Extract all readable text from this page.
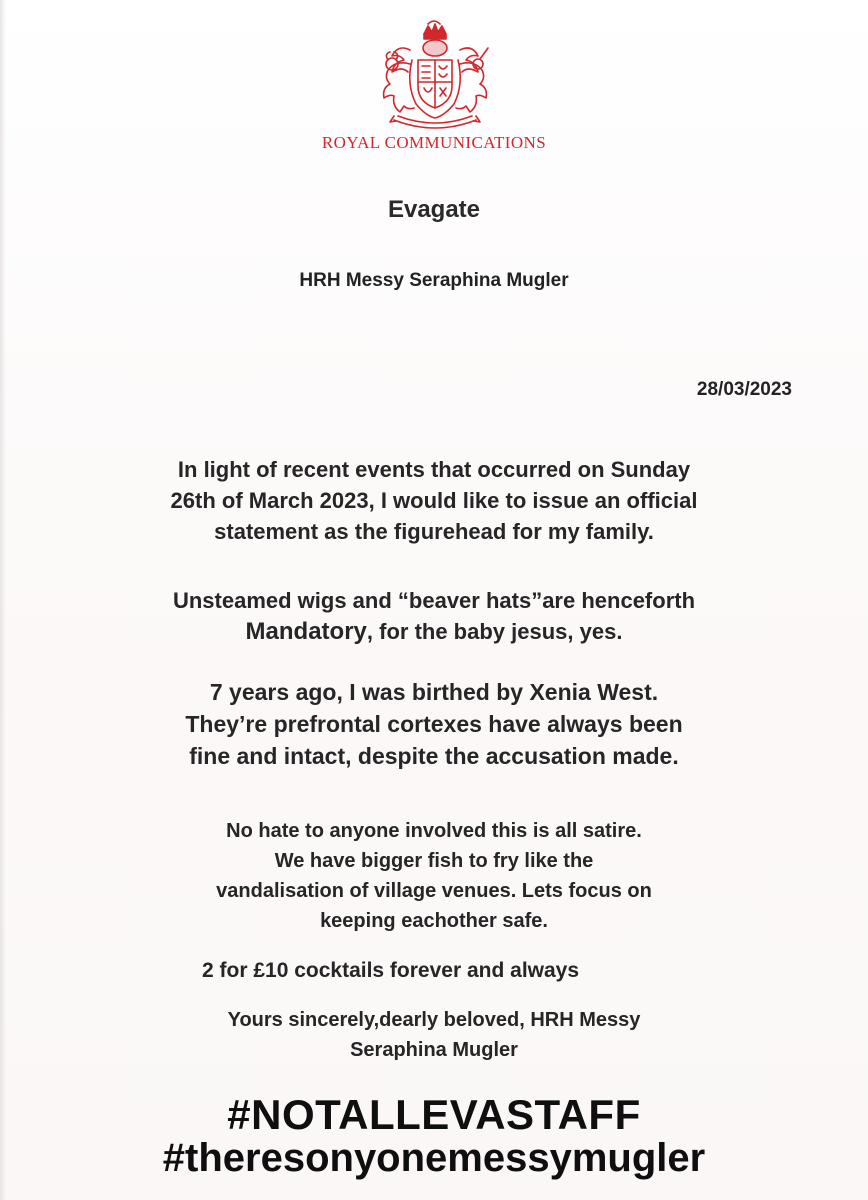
ROYAL COMMUNICATIONS
Evagate
HRH Messy Seraphina Mugler
28/03/2023
In light of recent events that occurred on Sunday
26th of March 2023, I would like to issue an official
statement as the figurehead for my family.
Unsteamed wigs and “beaver hats”are henceforth
Mandatory, for the baby jesus, yes.
7 years ago, I was birthed by Xenia West.
They’re prefrontal cortexes have always been
fine and intact, despite the accusation made.
No hate to anyone involved this is all satire.
We have bigger fish to fry like the
vandalisation of village venues. Lets focus on
keeping eachother safe.
2 for £10 cocktails forever and always
Yours sincerely,dearly beloved, HRH Messy
Seraphina Mugler
#NOTALLEVASTAFF
#theresonyonemessymugler
